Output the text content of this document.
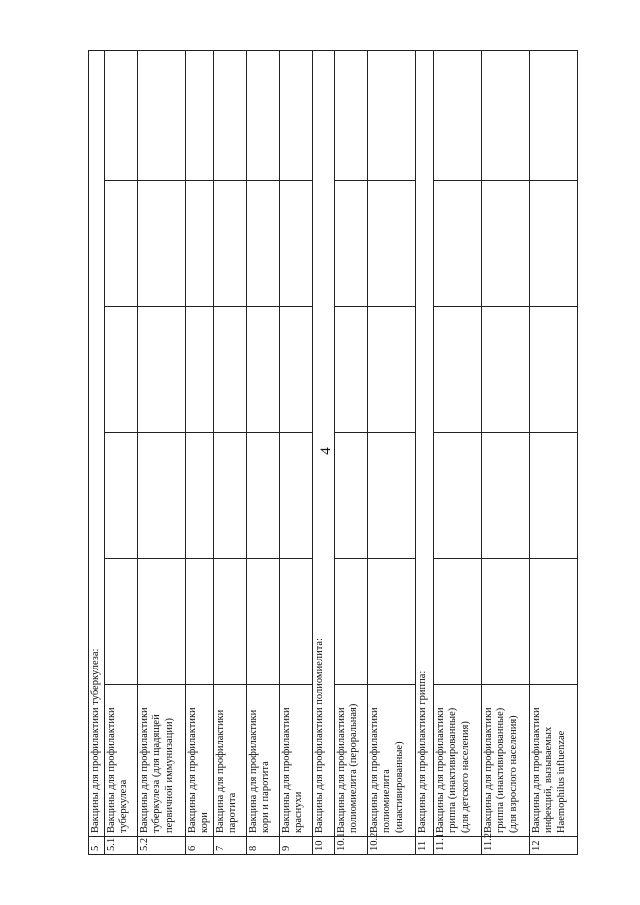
4
5	Вакцины для профилактики туберкулеза:					
5.1	Вакцины для профилактики туберкулеза					
5.2	Вакцины для профилактики туберкулеза (для щадящей первичной иммунизации)					
6	Вакцины для профилактики кори					
7	Вакцина для профилактики паротита					
8	Вакцина для профилактики кори и паротита					
9	Вакцины для профилактики краснухи					
10	Вакцины для профилактики полиомиелита:					
10.1	Вакцины для профилактики полиомиелита (пероральная)					
10.2	Вакцины для профилактики полиомиелита (инактивированные)					
11	Вакцины для профилактики гриппа:					
11.1	Вакцины для профилактики гриппа (инактивированные) (для детского населения)					
11.2	Вакцины для профилактики гриппа (инактивированные) (для взрослого населения)					
12	Вакцины для профилактики инфекций, вызываемых Haemophilus influenzae					
